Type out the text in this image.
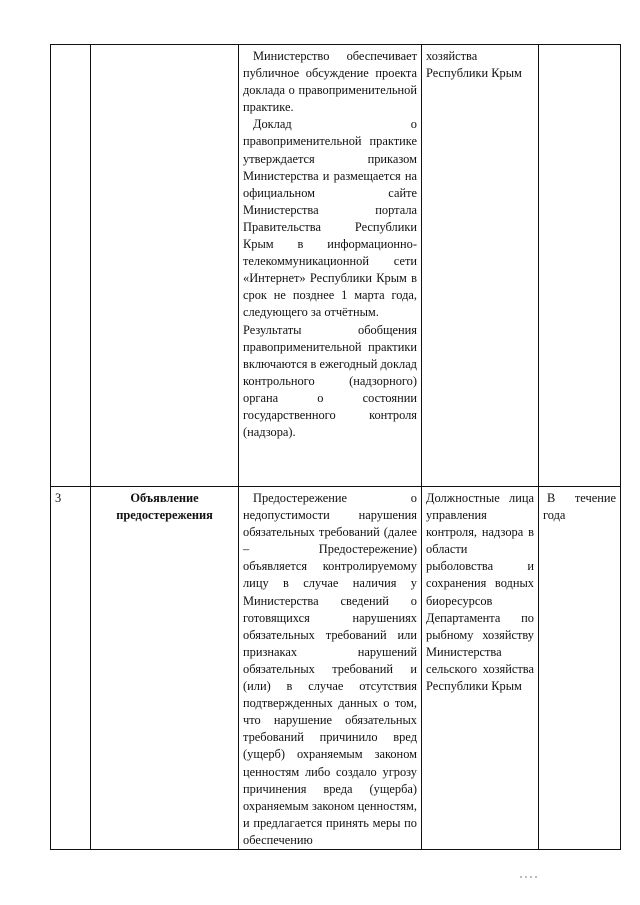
		Министерство обеспечивает публичное обсуждение проекта доклада о правоприменительной практике.
Доклад о правоприменительной практике утверждается приказом Министерства и размещается на официальном сайте Министерства портала Правительства Республики Крым в информационно-телекоммуникационной сети «Интернет» Республики Крым в срок не позднее 1 марта года, следующего за отчётным.
Результаты обобщения правоприменительной практики включаются в ежегодный доклад контрольного (надзорного) органа о состоянии государственного контроля (надзора).	хозяйства Республики Крым	
3	Объявление предостережения	Предостережение о недопустимости нарушения обязательных требований (далее – Предостережение) объявляется контролируемому лицу в случае наличия у Министерства сведений о готовящихся нарушениях обязательных требований или признаках нарушений обязательных требований и (или) в случае отсутствия подтвержденных данных о том, что нарушение обязательных требований причинило вред (ущерб) охраняемым законом ценностям либо создало угрозу причинения вреда (ущерба) охраняемым законом ценностям, и предлагается принять меры по обеспечению	Должностные лица управления контроля, надзора в области рыболовства и сохранения водных биоресурсов Департамента по рыбному хозяйству Министерства сельского хозяйства Республики Крым	В течение года
